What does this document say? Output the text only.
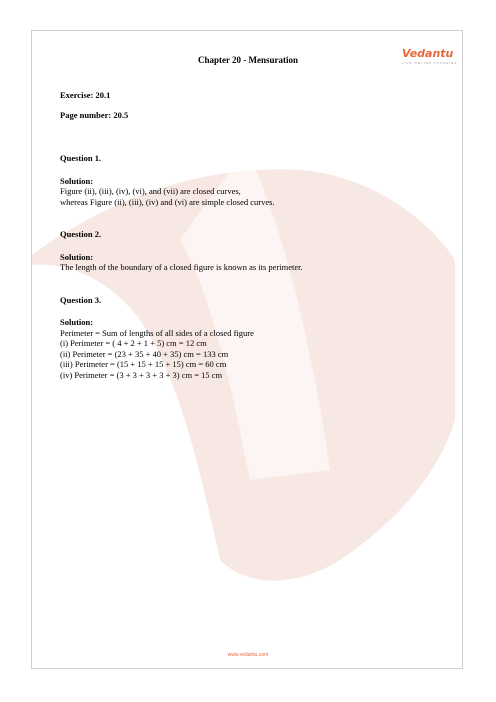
Chapter 20 - Mensuration	Vedantu
LIVE ONLINE TUTORING
Exercise: 20.1
Page number: 20.5
Question 1.
Solution:
Figure (ii), (iii), (iv), (vi), and (vii) are closed curves,
whereas Figure (ii), (iii), (iv) and (vi) are simple closed curves.
Question 2.
Solution:
The length of the boundary of a closed figure is known as its perimeter.
Question 3.
Solution:
Perimeter = Sum of lengths of all sides of a closed figure
(i) Perimeter = ( 4 + 2 + 1 + 5) cm = 12 cm
(ii) Perimeter = (23 + 35 + 40 + 35) cm = 133 cm
(iii) Perimeter = (15 + 15 + 15 + 15) cm = 60 cm
(iv) Perimeter = (3 + 3 + 3 + 3 + 3) cm = 15 cm
www.vedantu.com
